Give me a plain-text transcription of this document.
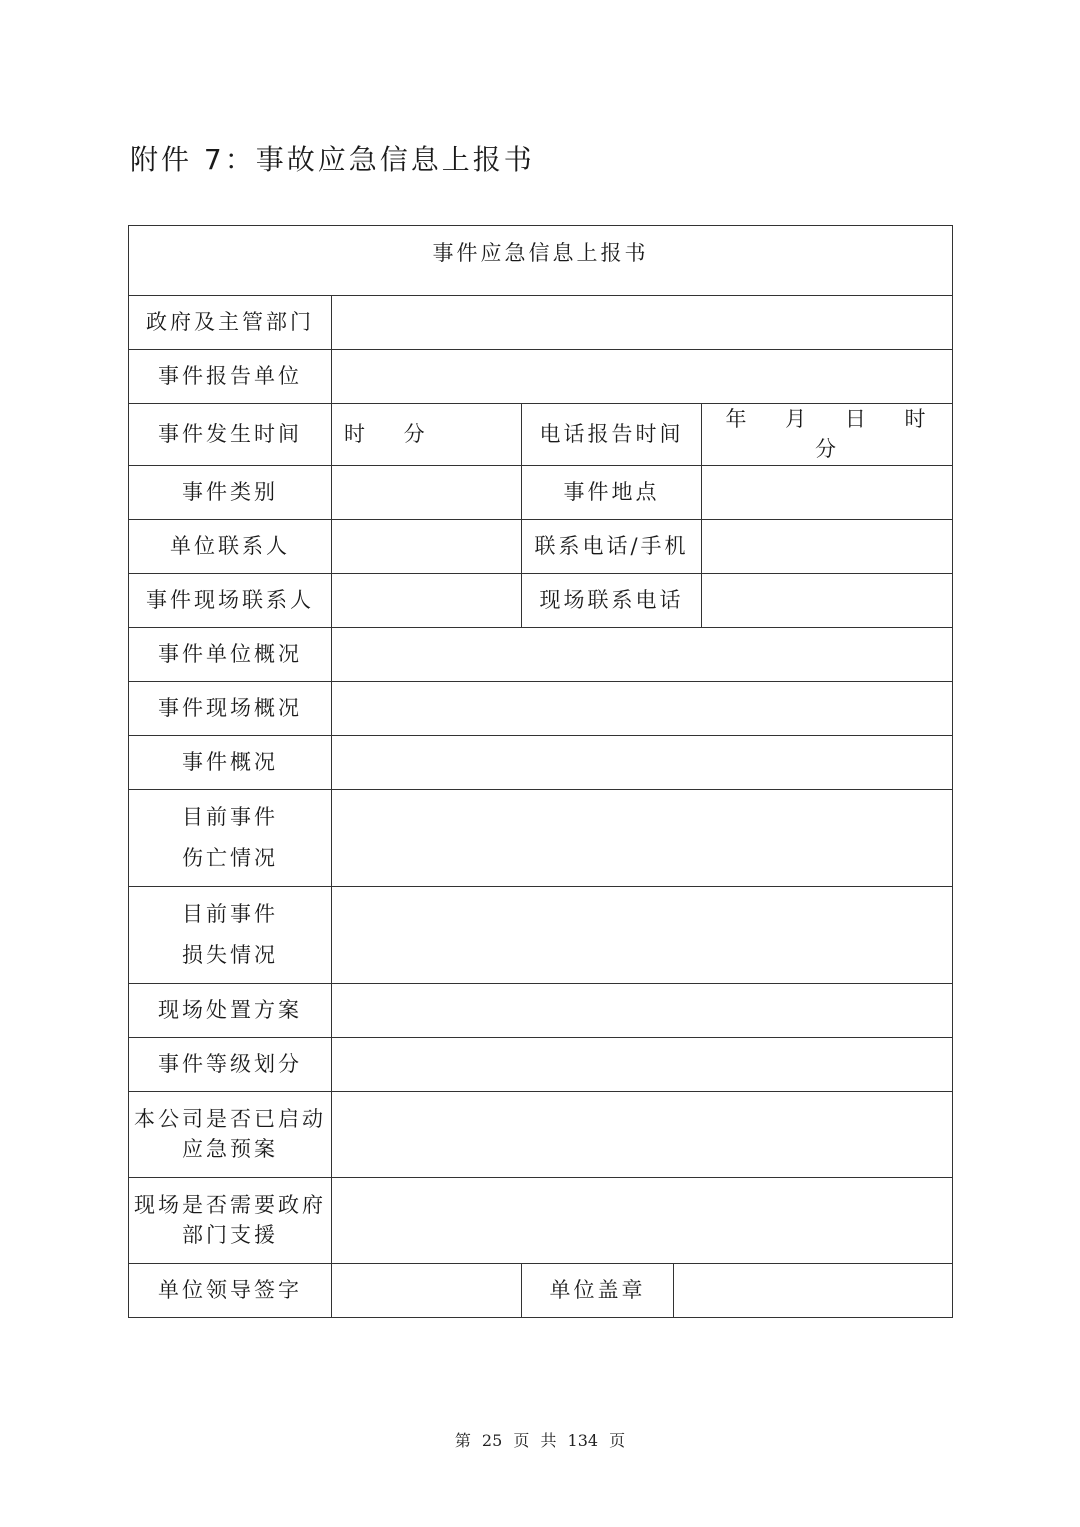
附件 7：事故应急信息上报书
事件应急信息上报书				
政府及主管部门				
事件报告单位				
事件发生时间	时 分	电话报告时间		年 月 日 时 分
事件类别		事件地点		
单位联系人		联系电话/手机		
事件现场联系人		现场联系电话		
事件单位概况				
事件现场概况				
事件概况				

目前事件
伤亡情况				

目前事件
损失情况				

现场处置方案				
事件等级划分				

本公司是否已启动
应急预案				

现场是否需要政府
部门支援				

单位领导签字		单位盖章		
第 25 页 共 134 页
